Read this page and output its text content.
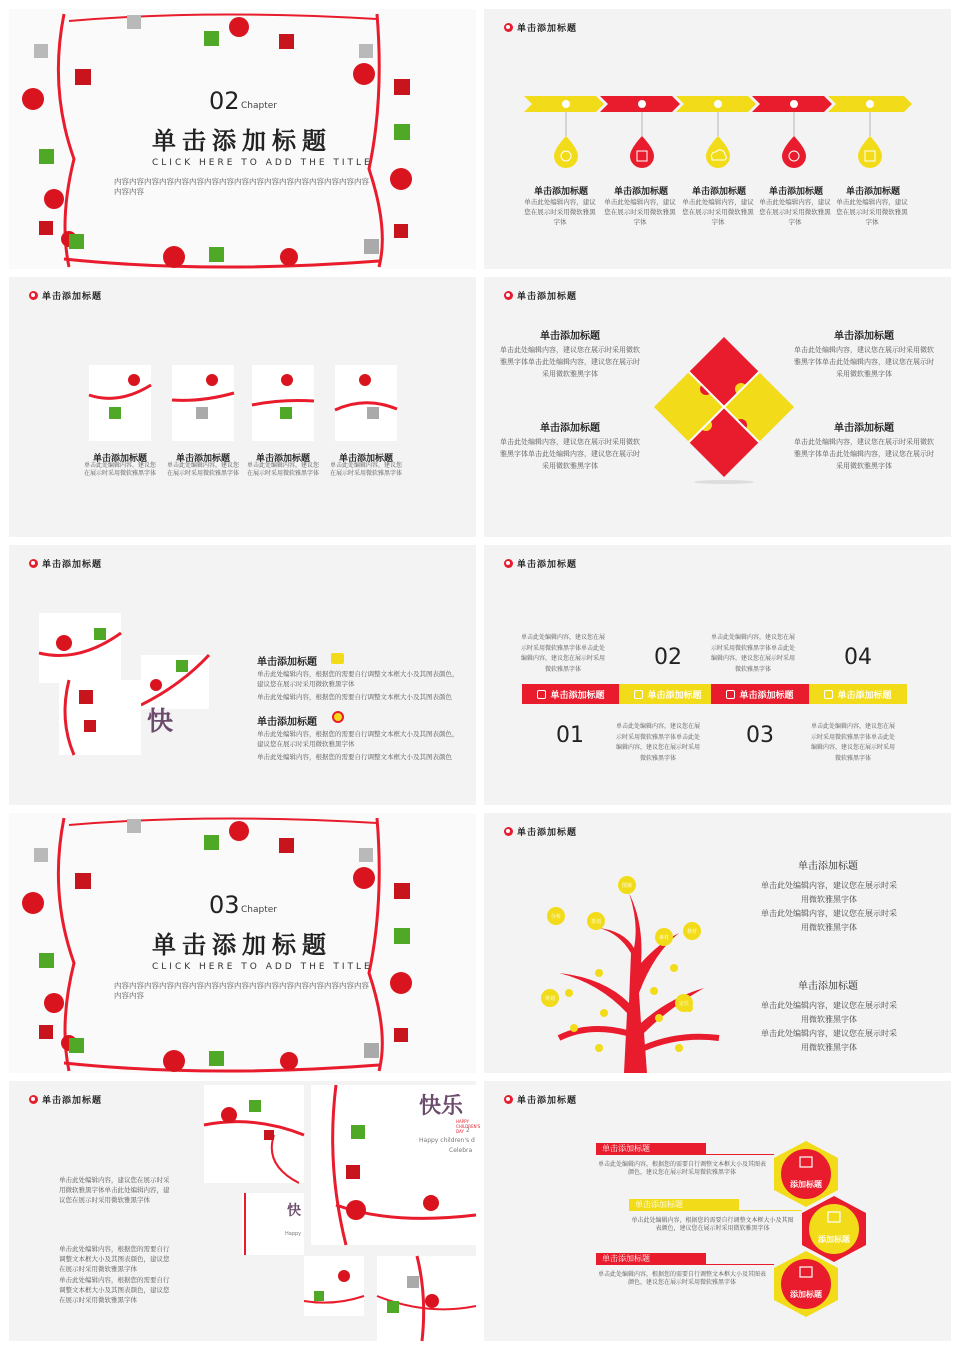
02 Chapter
单击添加标题
CLICK HERE TO ADD THE TITLE
内容内容内容内容内容内容内容内容内容内容内容内容内容内容内容内容内容内容内容
单击添加标题
单击添加标题
单击此处编辑内容，建议您在展示时采用微软雅黑字体
单击添加标题
单击此处编辑内容，建议您在展示时采用微软雅黑字体
单击添加标题
单击此处编辑内容，建议您在展示时采用微软雅黑字体
单击添加标题
单击此处编辑内容，建议您在展示时采用微软雅黑字体
单击添加标题
单击此处编辑内容，建议您在展示时采用微软雅黑字体
单击添加标题
单击添加标题
单击此处编辑内容，建议您在展示时采用微软雅黑字体
单击添加标题
单击此处编辑内容，建议您在展示时采用微软雅黑字体
单击添加标题
单击此处编辑内容，建议您在展示时采用微软雅黑字体
单击添加标题
单击此处编辑内容，建议您在展示时采用微软雅黑字体
单击添加标题
单击添加标题
单击此处编辑内容，建议您在展示时采用微软雅黑字体单击此处编辑内容，建议您在展示时采用微软雅黑字体
单击添加标题
单击此处编辑内容，建议您在展示时采用微软雅黑字体单击此处编辑内容，建议您在展示时采用微软雅黑字体
单击添加标题
单击此处编辑内容，建议您在展示时采用微软雅黑字体单击此处编辑内容，建议您在展示时采用微软雅黑字体
单击添加标题
单击此处编辑内容，建议您在展示时采用微软雅黑字体单击此处编辑内容，建议您在展示时采用微软雅黑字体
单击添加标题
快
单击添加标题
单击此处编辑内容，根据您的需要自行调整文本框大小及其图表颜色，建议您在展示时采用微软雅黑字体
单击此处编辑内容，根据您的需要自行调整文本框大小及其图表颜色
单击添加标题
单击此处编辑内容，根据您的需要自行调整文本框大小及其图表颜色，建议您在展示时采用微软雅黑字体
单击此处编辑内容，根据您的需要自行调整文本框大小及其图表颜色
单击添加标题
单击添加标题
01	单击此处编辑内容，建议您在展示时采用微软雅黑字体单击此处编辑内容，建议您在展示时采用微软雅黑字体
单击添加标题
02
单击此处编辑内容，建议您在展示时采用微软雅黑字体单击此处编辑内容，建议您在展示时采用微软雅黑字体
单击添加标题
03	单击此处编辑内容，建议您在展示时采用微软雅黑字体单击此处编辑内容，建议您在展示时采用微软雅黑字体
单击添加标题
04
单击此处编辑内容，建议您在展示时采用微软雅黑字体单击此处编辑内容，建议您在展示时采用微软雅黑字体
03 Chapter
单击添加标题
CLICK HERE TO ADD THE TITLE
内容内容内容内容内容内容内容内容内容内容内容内容内容内容内容内容内容内容内容
单击添加标题
图案
分析
策划
素材
教材
规划
定位
单击添加标题
单击此处编辑内容，建议您在展示时采用微软雅黑字体
单击此处编辑内容，建议您在展示时采用微软雅黑字体
单击添加标题
单击此处编辑内容，建议您在展示时采用微软雅黑字体
单击此处编辑内容，建议您在展示时采用微软雅黑字体
单击添加标题
单击此处编辑内容，建议您在展示时采用微软雅黑字体单击此处编辑内容，建议您在展示时采用微软雅黑字体
单击此处编辑内容，根据您的需要自行调整文本框大小及其图表颜色，建议您在展示时采用微软雅黑字体
单击此处编辑内容，根据您的需要自行调整文本框大小及其图表颜色，建议您在展示时采用微软雅黑字体
快乐
HAPPY CHILDREN'S DAY 2
Happy children's d
Celebra
快
Happy
单击添加标题
单击添加标题
单击此处编辑内容，根据您的需要自行调整文本框大小及其图表颜色，建议您在展示时采用微软雅黑字体
添加标题
单击添加标题
单击此处编辑内容，根据您的需要自行调整文本框大小及其图表颜色，建议您在展示时采用微软雅黑字体
添加标题
单击添加标题
单击此处编辑内容，根据您的需要自行调整文本框大小及其图表颜色，建议您在展示时采用微软雅黑字体
添加标题
